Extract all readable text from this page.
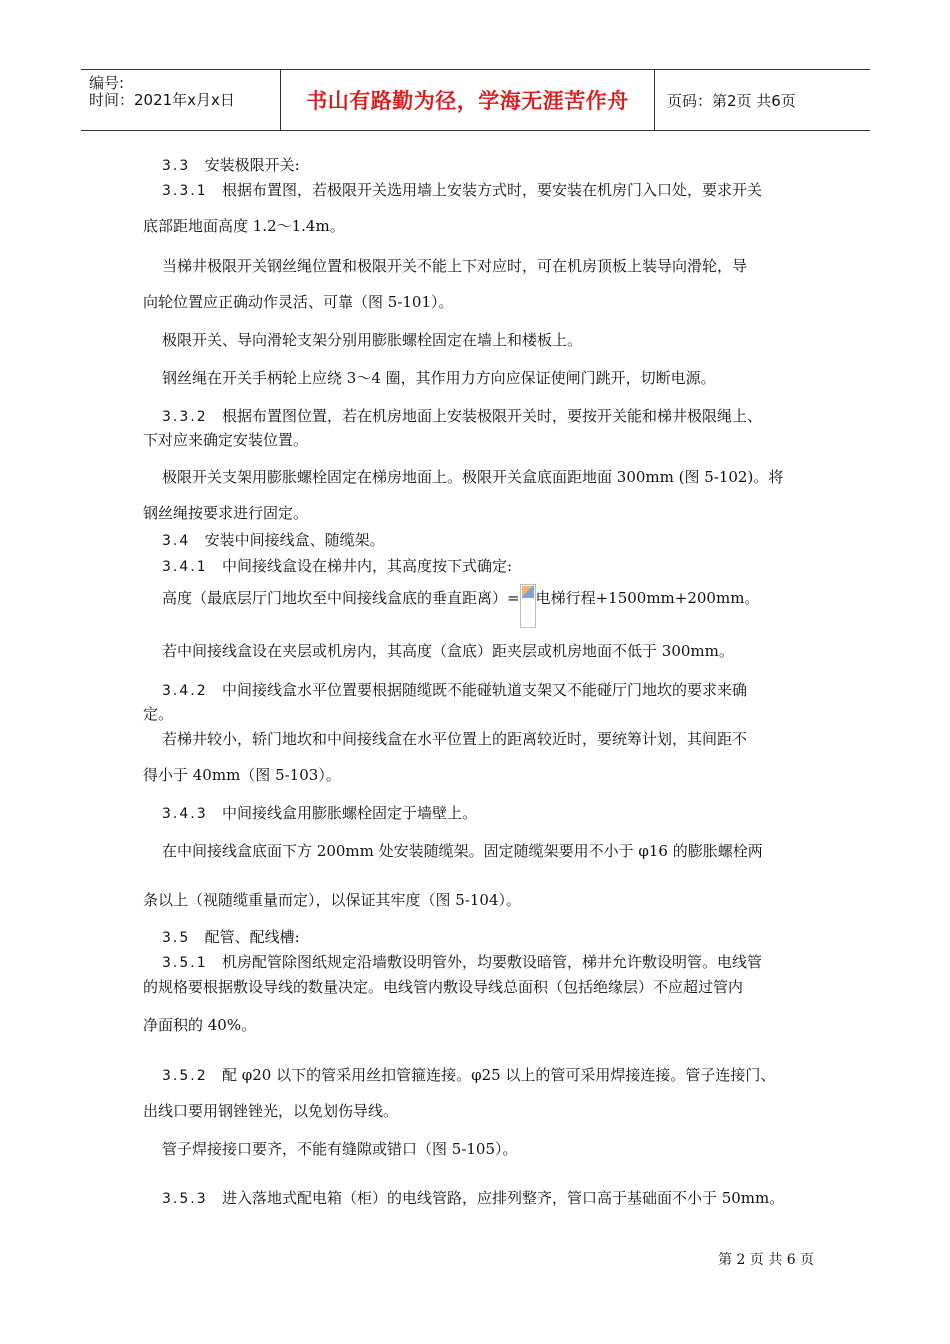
编号:
时间：2021年x月x日	书山有路勤为径，学海无涯苦作舟	页码：第2页 共6页
3.3 安装极限开关:
3.3.1 根据布置图，若极限开关选用墙上安装方式时，要安装在机房门入口处，要求开关
底部距地面高度 1.2～1.4m。
当梯井极限开关钢丝绳位置和极限开关不能上下对应时，可在机房顶板上装导向滑轮，导
向轮位置应正确动作灵活、可靠（图 5-101）。
极限开关、导向滑轮支架分别用膨胀螺栓固定在墙上和楼板上。
钢丝绳在开关手柄轮上应绕 3～4 圈，其作用力方向应保证使闸门跳开，切断电源。
3.3.2 根据布置图位置，若在机房地面上安装极限开关时，要按开关能和梯井极限绳上、
下对应来确定安装位置。
极限开关支架用膨胀螺栓固定在梯房地面上。极限开关盒底面距地面 300mm (图 5-102)。将
钢丝绳按要求进行固定。
3.4 安装中间接线盒、随缆架。
3.4.1 中间接线盒设在梯井内，其高度按下式确定:
高度（最底层厅门地坎至中间接线盒底的垂直距离）= 电梯行程+1500mm+200mm。
若中间接线盒设在夹层或机房内，其高度（盒底）距夹层或机房地面不低于 300mm。
3.4.2 中间接线盒水平位置要根据随缆既不能碰轨道支架又不能碰厅门地坎的要求来确
定。
若梯井较小，轿门地坎和中间接线盒在水平位置上的距离较近时，要统筹计划，其间距不
得小于 40mm（图 5-103）。
3.4.3 中间接线盒用膨胀螺栓固定于墙壁上。
在中间接线盒底面下方 200mm 处安装随缆架。固定随缆架要用不小于 φ16 的膨胀螺栓两
条以上（视随缆重量而定），以保证其牢度（图 5-104）。
3.5 配管、配线槽:
3.5.1 机房配管除图纸规定沿墙敷设明管外，均要敷设暗管，梯井允许敷设明管。电线管
的规格要根据敷设导线的数量决定。电线管内敷设导线总面积（包括绝缘层）不应超过管内
净面积的 40%。
3.5.2 配 φ20 以下的管采用丝扣管箍连接。φ25 以上的管可采用焊接连接。管子连接门、
出线口要用钢锉锉光，以免划伤导线。
管子焊接接口要齐，不能有缝隙或错口（图 5-105）。
3.5.3 进入落地式配电箱（柜）的电线管路，应排列整齐，管口高于基础面不小于 50mm。
第 2 页 共 6 页
